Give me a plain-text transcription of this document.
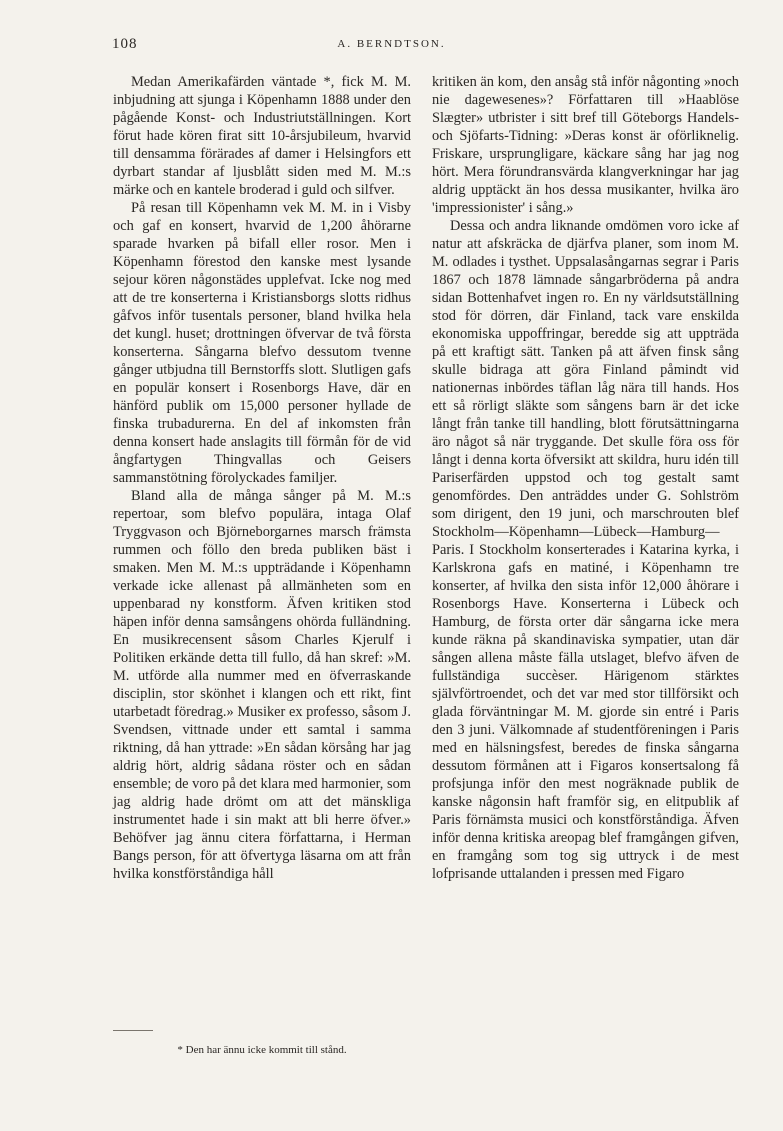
108	A. BERNDTSON.

Medan Amerikafärden väntade *, fick M. M. inbjudning att sjunga i Köpenhamn 1888 under den pågående Konst- och Industriutställningen. Kort förut hade kören firat sitt 10-årsjubileum, hvarvid till densamma förärades af damer i Helsingfors ett dyrbart standar af ljusblått siden med M. M.:s märke och en kantele broderad i guld och silfver.

På resan till Köpenhamn vek M. M. in i Visby och gaf en konsert, hvarvid de 1,200 åhörarne sparade hvarken på bifall eller rosor. Men i Köpenhamn förestod den kanske mest lysande sejour kören någonstädes upplefvat. Icke nog med att de tre konserterna i Kristiansborgs slotts ridhus gåfvos inför tusentals personer, bland hvilka hela det kungl. huset; drottningen öfvervar de två första konserterna. Sångarna blefvo dessutom tvenne gånger utbjudna till Bernstorffs slott. Slutligen gafs en populär konsert i Rosenborgs Have, där en hänförd publik om 15,000 personer hyllade de finska trubadurerna. En del af inkomsten från denna konsert hade anslagits till förmån för de vid ångfartygen Thingvallas och Geisers sammanstötning förolyckades familjer.

Bland alla de många sånger på M. M.:s repertoar, som blefvo populära, intaga Olaf Tryggvason och Björneborgarnes marsch främsta rummen och föllo den breda publiken bäst i smaken. Men M. M.:s uppträdande i Köpenhamn verkade icke allenast på allmänheten som en uppenbarad ny konstform. Äfven kritiken stod häpen inför denna samsångens ohörda fulländning. En musikrecensent såsom Charles Kjerulf i Politiken erkände detta till fullo, då han skref: »M. M. utförde alla nummer med en öfverraskande disciplin, stor skönhet i klangen och ett rikt, fint utarbetadt föredrag.» Musiker ex professo, såsom J. Svendsen, vittnade under ett samtal i samma riktning, då han yttrade: »En sådan körsång har jag aldrig hört, aldrig sådana röster och en sådan ensemble; de voro på det klara med harmonier, som jag aldrig hade drömt om att det mänskliga instrumentet hade i sin makt att bli herre öfver.» Behöfver jag ännu citera författarna, i Herman Bangs person, för att öfvertyga läsarna om att från hvilka konstförståndiga håll

kritiken än kom, den ansåg stå inför någonting »noch nie dagewesenes»? Författaren till »Haablöse Slægter» utbrister i sitt bref till Göteborgs Handels- och Sjöfarts-Tidning: »Deras konst är oförliknelig. Friskare, ursprungligare, käckare sång har jag nog hört. Mera förundransvärda klangverkningar har jag aldrig upptäckt än hos dessa musikanter, hvilka äro 'impressionister' i sång.»

Dessa och andra liknande omdömen voro icke af natur att afskräcka de djärfva planer, som inom M. M. odlades i tysthet. Uppsalasångarnas segrar i Paris 1867 och 1878 lämnade sångarbröderna på andra sidan Bottenhafvet ingen ro. En ny världsutställning stod för dörren, där Finland, tack vare enskilda ekonomiska uppoffringar, beredde sig att uppträda på ett kraftigt sätt. Tanken på att äfven finsk sång skulle bidraga att göra Finland påmindt vid nationernas inbördes täflan låg nära till hands. Hos ett så rörligt släkte som sångens barn är det icke långt från tanke till handling, blott förutsättningarna äro något så när tryggande. Det skulle föra oss för långt i denna korta öfversikt att skildra, huru idén till Pariserfärden uppstod och tog gestalt samt genomfördes. Den anträddes under G. Sohlström som dirigent, den 19 juni, och marschrouten blef Stockholm—Köpenhamn—Lübeck—Hamburg—Paris. I Stockholm konserterades i Katarina kyrka, i Karlskrona gafs en matiné, i Köpenhamn tre konserter, af hvilka den sista inför 12,000 åhörare i Rosenborgs Have. Konserterna i Lübeck och Hamburg, de första orter där sångarna icke mera kunde räkna på skandinaviska sympatier, utan där sången allena måste fälla utslaget, blefvo äfven de fullständiga succèser. Härigenom stärktes självförtroendet, och det var med stor tillförsikt och glada förväntningar M. M. gjorde sin entré i Paris den 3 juni. Välkomnade af studentföreningen i Paris med en hälsningsfest, beredes de finska sångarna dessutom förmånen att i Figaros konsertsalong få profsjunga inför den mest nogräknade publik de kanske någonsin haft framför sig, en elitpublik af Paris förnämsta musici och konstförståndiga. Äfven inför denna kritiska areopag blef framgången gifven, en framgång som tog sig uttryck i de mest lofprisande uttalanden i pressen med Figaro

* Den har ännu icke kommit till stånd.
